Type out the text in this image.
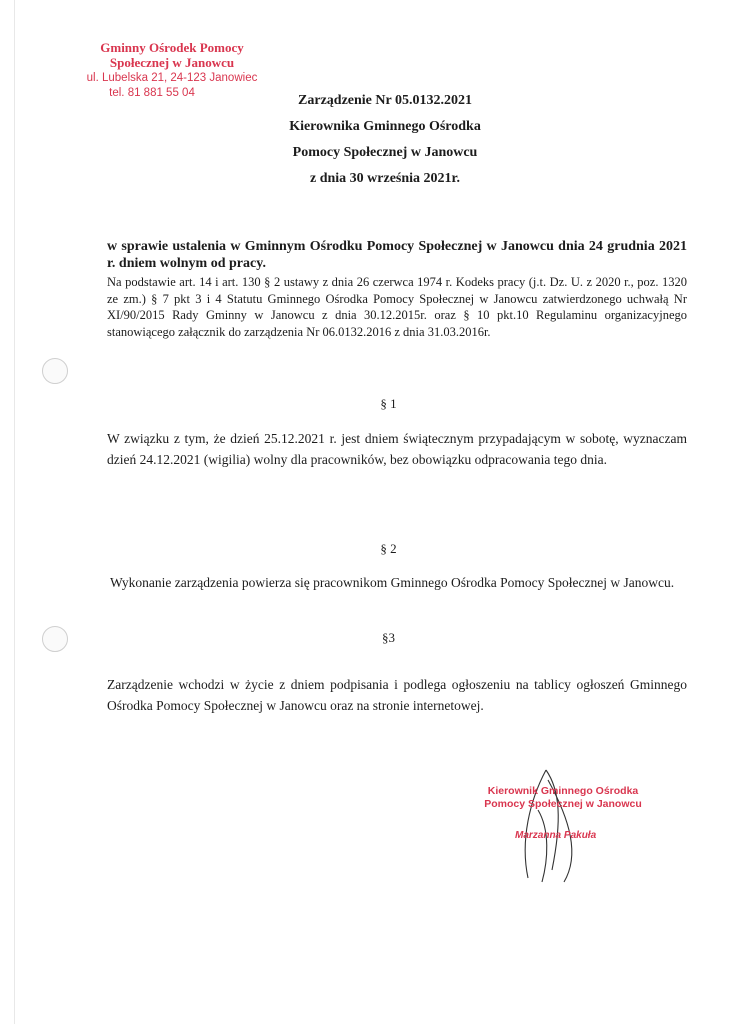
Gminny Ośrodek Pomocy
Społecznej w Janowcu
ul. Lubelska 21, 24-123 Janowiec
tel. 81 881 55 04	Zarządzenie Nr 05.0132.2021
Kierownika Gminnego Ośrodka
Pomocy Społecznej w Janowcu
z dnia 30 września 2021r.
w sprawie ustalenia w Gminnym Ośrodku Pomocy Społecznej w Janowcu dnia 24 grudnia 2021 r. dniem wolnym od pracy.
Na podstawie art. 14 i art. 130 § 2 ustawy z dnia 26 czerwca 1974 r. Kodeks pracy (j.t. Dz. U. z 2020 r., poz. 1320 ze zm.) § 7 pkt 3 i 4 Statutu Gminnego Ośrodka Pomocy Społecznej w Janowcu zatwierdzonego uchwałą Nr XI/90/2015 Rady Gminny w Janowcu z dnia 30.12.2015r. oraz § 10 pkt.10 Regulaminu organizacyjnego stanowiącego załącznik do zarządzenia Nr 06.0132.2016 z dnia 31.03.2016r.
§ 1
W związku z tym, że dzień 25.12.2021 r. jest dniem świątecznym przypadającym w sobotę, wyznaczam dzień 24.12.2021 (wigilia) wolny dla pracowników, bez obowiązku odpracowania tego dnia.
§ 2
Wykonanie zarządzenia powierza się pracownikom Gminnego Ośrodka Pomocy Społecznej w Janowcu.
§3
Zarządzenie wchodzi w życie z dniem podpisania i podlega ogłoszeniu na tablicy ogłoszeń Gminnego Ośrodka Pomocy Społecznej w Janowcu oraz na stronie internetowej.
Kierownik Gminnego Ośrodka
Pomocy Społecznej w Janowcu
Marzanna Pakuła
